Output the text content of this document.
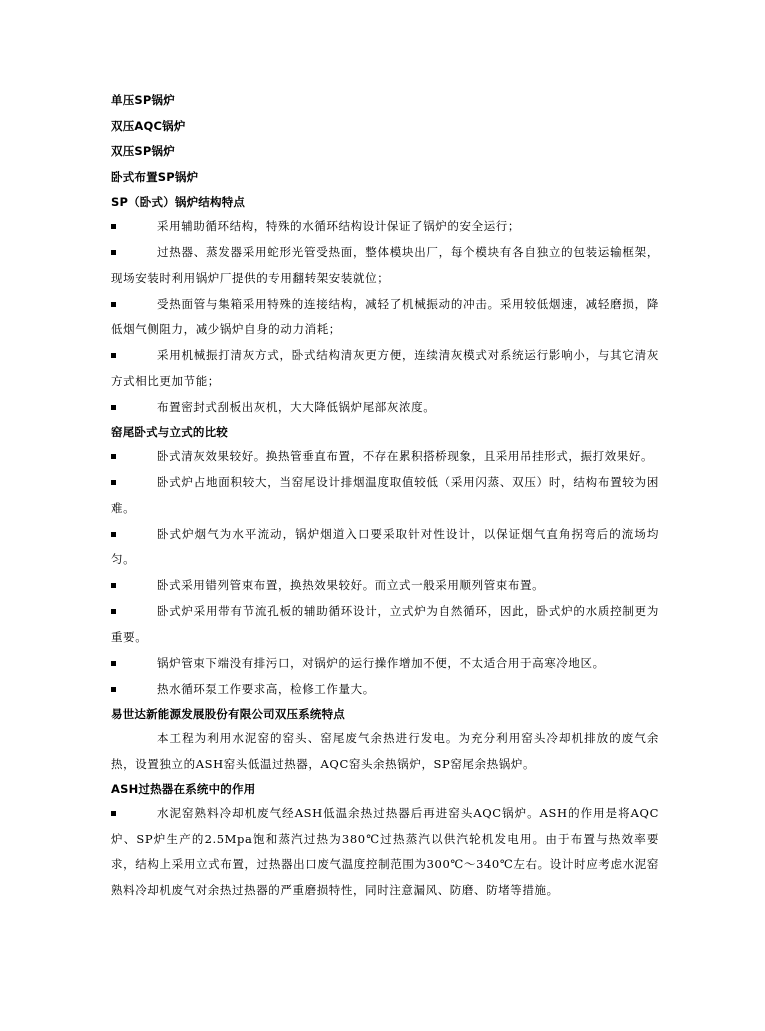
单压SP锅炉
双压AQC锅炉
双压SP锅炉
卧式布置SP锅炉
SP（卧式）锅炉结构特点
采用辅助循环结构，特殊的水循环结构设计保证了锅炉的安全运行；
过热器、蒸发器采用蛇形光管受热面，整体模块出厂，每个模块有各自独立的包装运输框架，现场安装时利用锅炉厂提供的专用翻转架安装就位；
受热面管与集箱采用特殊的连接结构，减轻了机械振动的冲击。采用较低烟速，减轻磨损，降低烟气侧阻力，减少锅炉自身的动力消耗；
采用机械振打清灰方式，卧式结构清灰更方便，连续清灰模式对系统运行影响小，与其它清灰方式相比更加节能；
布置密封式刮板出灰机，大大降低锅炉尾部灰浓度。
窑尾卧式与立式的比较
卧式清灰效果较好。换热管垂直布置，不存在累积搭桥现象，且采用吊挂形式，振打效果好。
卧式炉占地面积较大，当窑尾设计排烟温度取值较低（采用闪蒸、双压）时，结构布置较为困难。
卧式炉烟气为水平流动，锅炉烟道入口要采取针对性设计，以保证烟气直角拐弯后的流场均匀。
卧式采用错列管束布置，换热效果较好。而立式一般采用顺列管束布置。
卧式炉采用带有节流孔板的辅助循环设计，立式炉为自然循环，因此，卧式炉的水质控制更为重要。
锅炉管束下端没有排污口，对锅炉的运行操作增加不便，不太适合用于高寒冷地区。
热水循环泵工作要求高，检修工作量大。
易世达新能源发展股份有限公司双压系统特点
本工程为利用水泥窑的窑头、窑尾废气余热进行发电。为充分利用窑头冷却机排放的废气余热，设置独立的ASH窑头低温过热器，AQC窑头余热锅炉，SP窑尾余热锅炉。
ASH过热器在系统中的作用
水泥窑熟料冷却机废气经ASH低温余热过热器后再进窑头AQC锅炉。ASH的作用是将AQC炉、SP炉生产的2.5Mpa饱和蒸汽过热为380℃过热蒸汽以供汽轮机发电用。由于布置与热效率要求，结构上采用立式布置，过热器出口废气温度控制范围为300℃～340℃左右。设计时应考虑水泥窑熟料冷却机废气对余热过热器的严重磨损特性，同时注意漏风、防磨、防堵等措施。
